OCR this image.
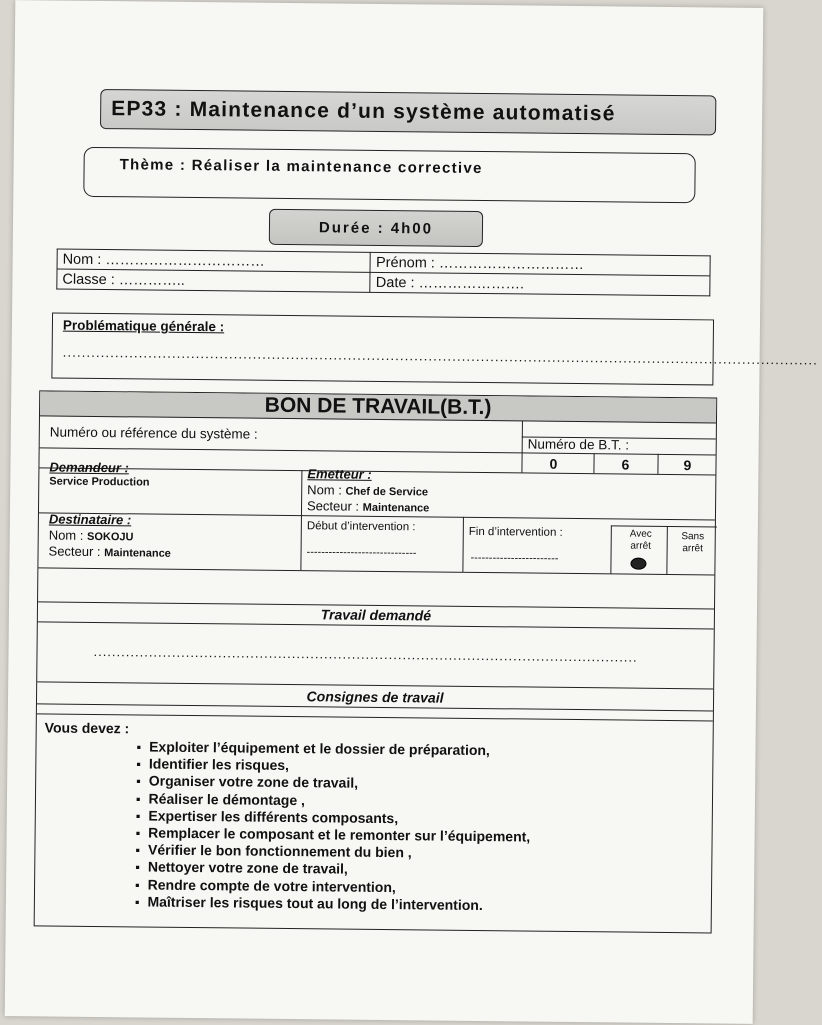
EP33 : Maintenance d’un système automatisé
Thème : Réaliser la maintenance corrective
Durée : 4h00
Nom : ……………………………	Prénom : …………………………
Classe : …………..	Date : ………………….
Problématique générale :
...............................................................................................................................................................
BON DE TRAVAIL(B.T.)
Numéro ou référence du système :
Numéro de B.T. :
0	6	9
Demandeur :
Service Production
Emetteur :
Nom : Chef de Service
Secteur : Maintenance
Destinataire :
Nom : SOKOJU
Secteur : Maintenance
Début d’intervention :
------------------------------
Fin d’intervention :
------------------------
Avec arrêt
Sans arrêt
Travail demandé
......................................................................................................................
Consignes de travail
Vous devez :
▪ Exploiter l’équipement et le dossier de préparation,
▪ Identifier les risques,
▪ Organiser votre zone de travail,
▪ Réaliser le démontage ,
▪ Expertiser les différents composants,
▪ Remplacer le composant et le remonter sur l’équipement,
▪ Vérifier le bon fonctionnement du bien ,
▪ Nettoyer votre zone de travail,
▪ Rendre compte de votre intervention,
▪ Maîtriser les risques tout au long de l’intervention.
